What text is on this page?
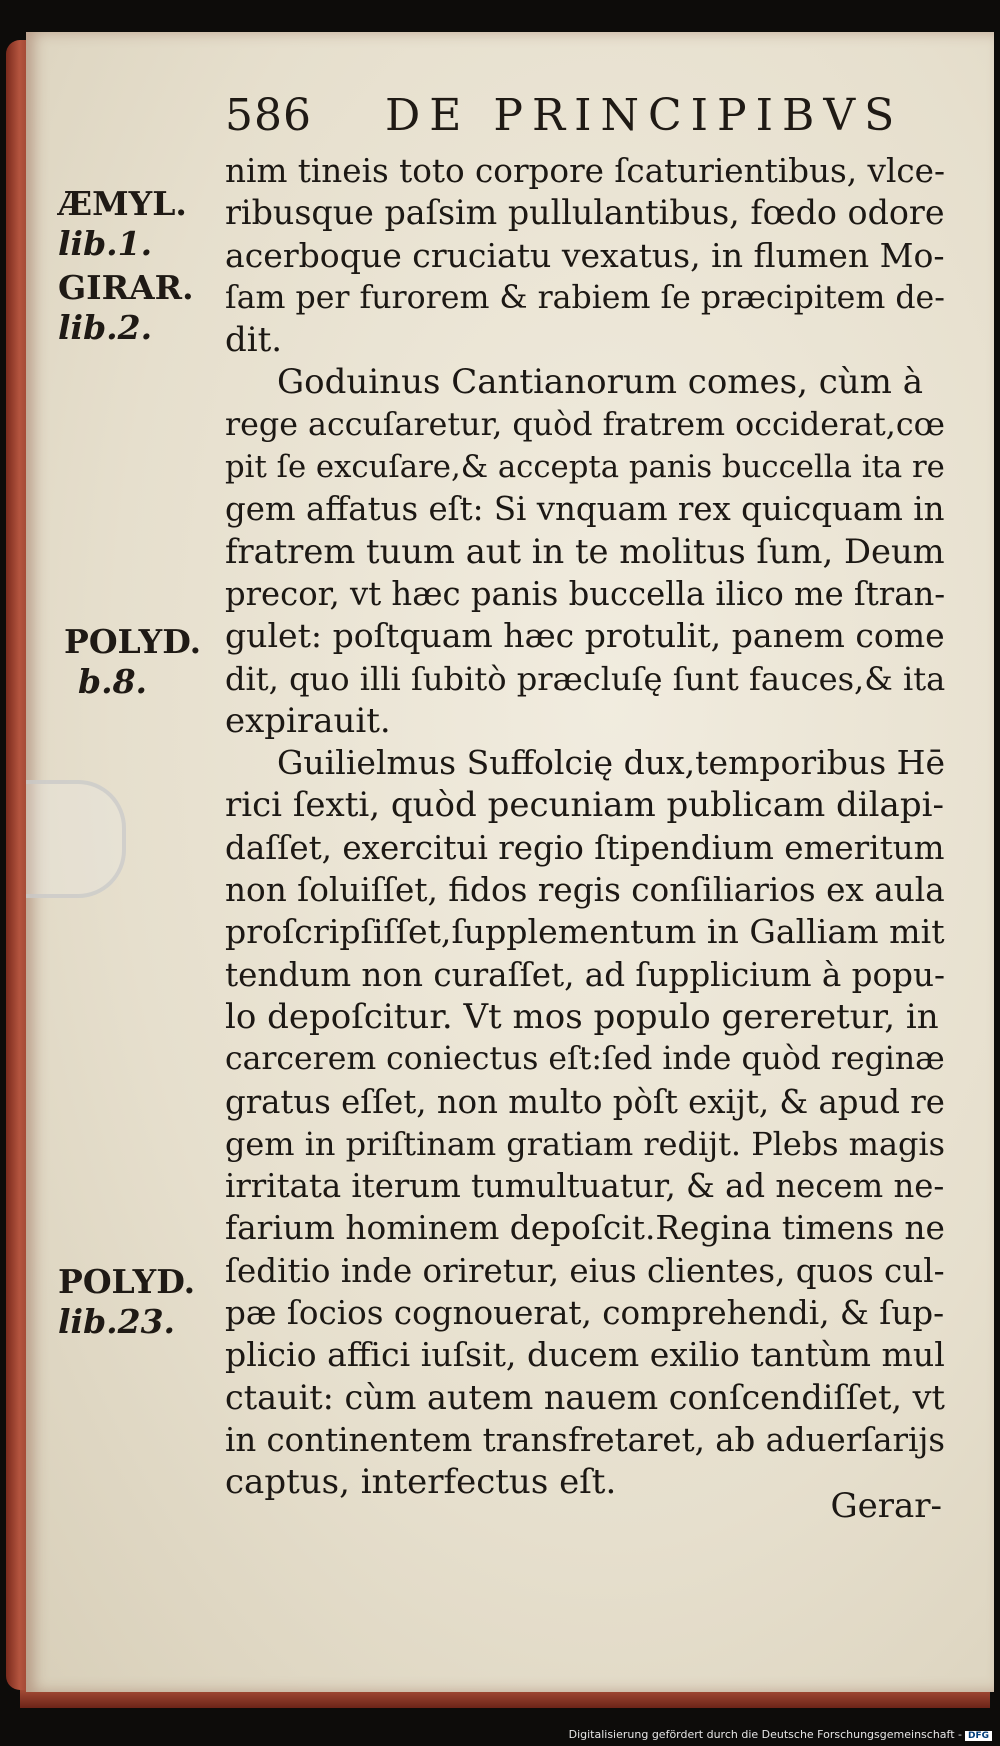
586 DE PRINCIPIBVS
ÆMYL.
lib.1.
GIRAR.
lib.2.
POLYD.
b.8.
POLYD.
lib.23.
nim tineis toto corpore ſcaturientibus, vlce-
ribusque paſsim pullulantibus, fœdo odore
acerboque cruciatu vexatus, in flumen Mo-
ſam per furorem & rabiem ſe præcipitem de-
dit.
Goduinus Cantianorum comes, cùm à
rege accuſaretur, quòd fratrem occiderat,cœ
pit ſe excuſare,& accepta panis buccella ita re
gem affatus eſt: Si vnquam rex quicquam in
fratrem tuum aut in te molitus ſum, Deum
precor, vt hæc panis buccella ilico me ſtran-
gulet: poſtquam hæc protulit, panem come
dit, quo illi ſubitò præcluſę ſunt fauces,& ita
expirauit.
Guilielmus Suffolcię dux,temporibus Hē
rici ſexti, quòd pecuniam publicam dilapi-
daſſet, exercitui regio ſtipendium emeritum
non ſoluiſſet, fidos regis conſiliarios ex aula
proſcripſiſſet,ſupplementum in Galliam mit
tendum non curaſſet, ad ſupplicium à popu-
lo depoſcitur. Vt mos populo gereretur, in
carcerem coniectus eſt:ſed inde quòd reginæ
gratus eſſet, non multo pòſt exijt, & apud re
gem in priſtinam gratiam redijt. Plebs magis
irritata iterum tumultuatur, & ad necem ne-
farium hominem depoſcit.Regina timens ne
ſeditio inde oriretur, eius clientes, quos cul-
pæ ſocios cognouerat, comprehendi, & ſup-
plicio affici iuſsit, ducem exilio tantùm mul
ctauit: cùm autem nauem conſcendiſſet, vt
in continentem transfretaret, ab aduerſarijs
captus, interfectus eſt.
Gerar-
Digitalisierung gefördert durch die Deutsche Forschungsgemeinschaft - DFG
